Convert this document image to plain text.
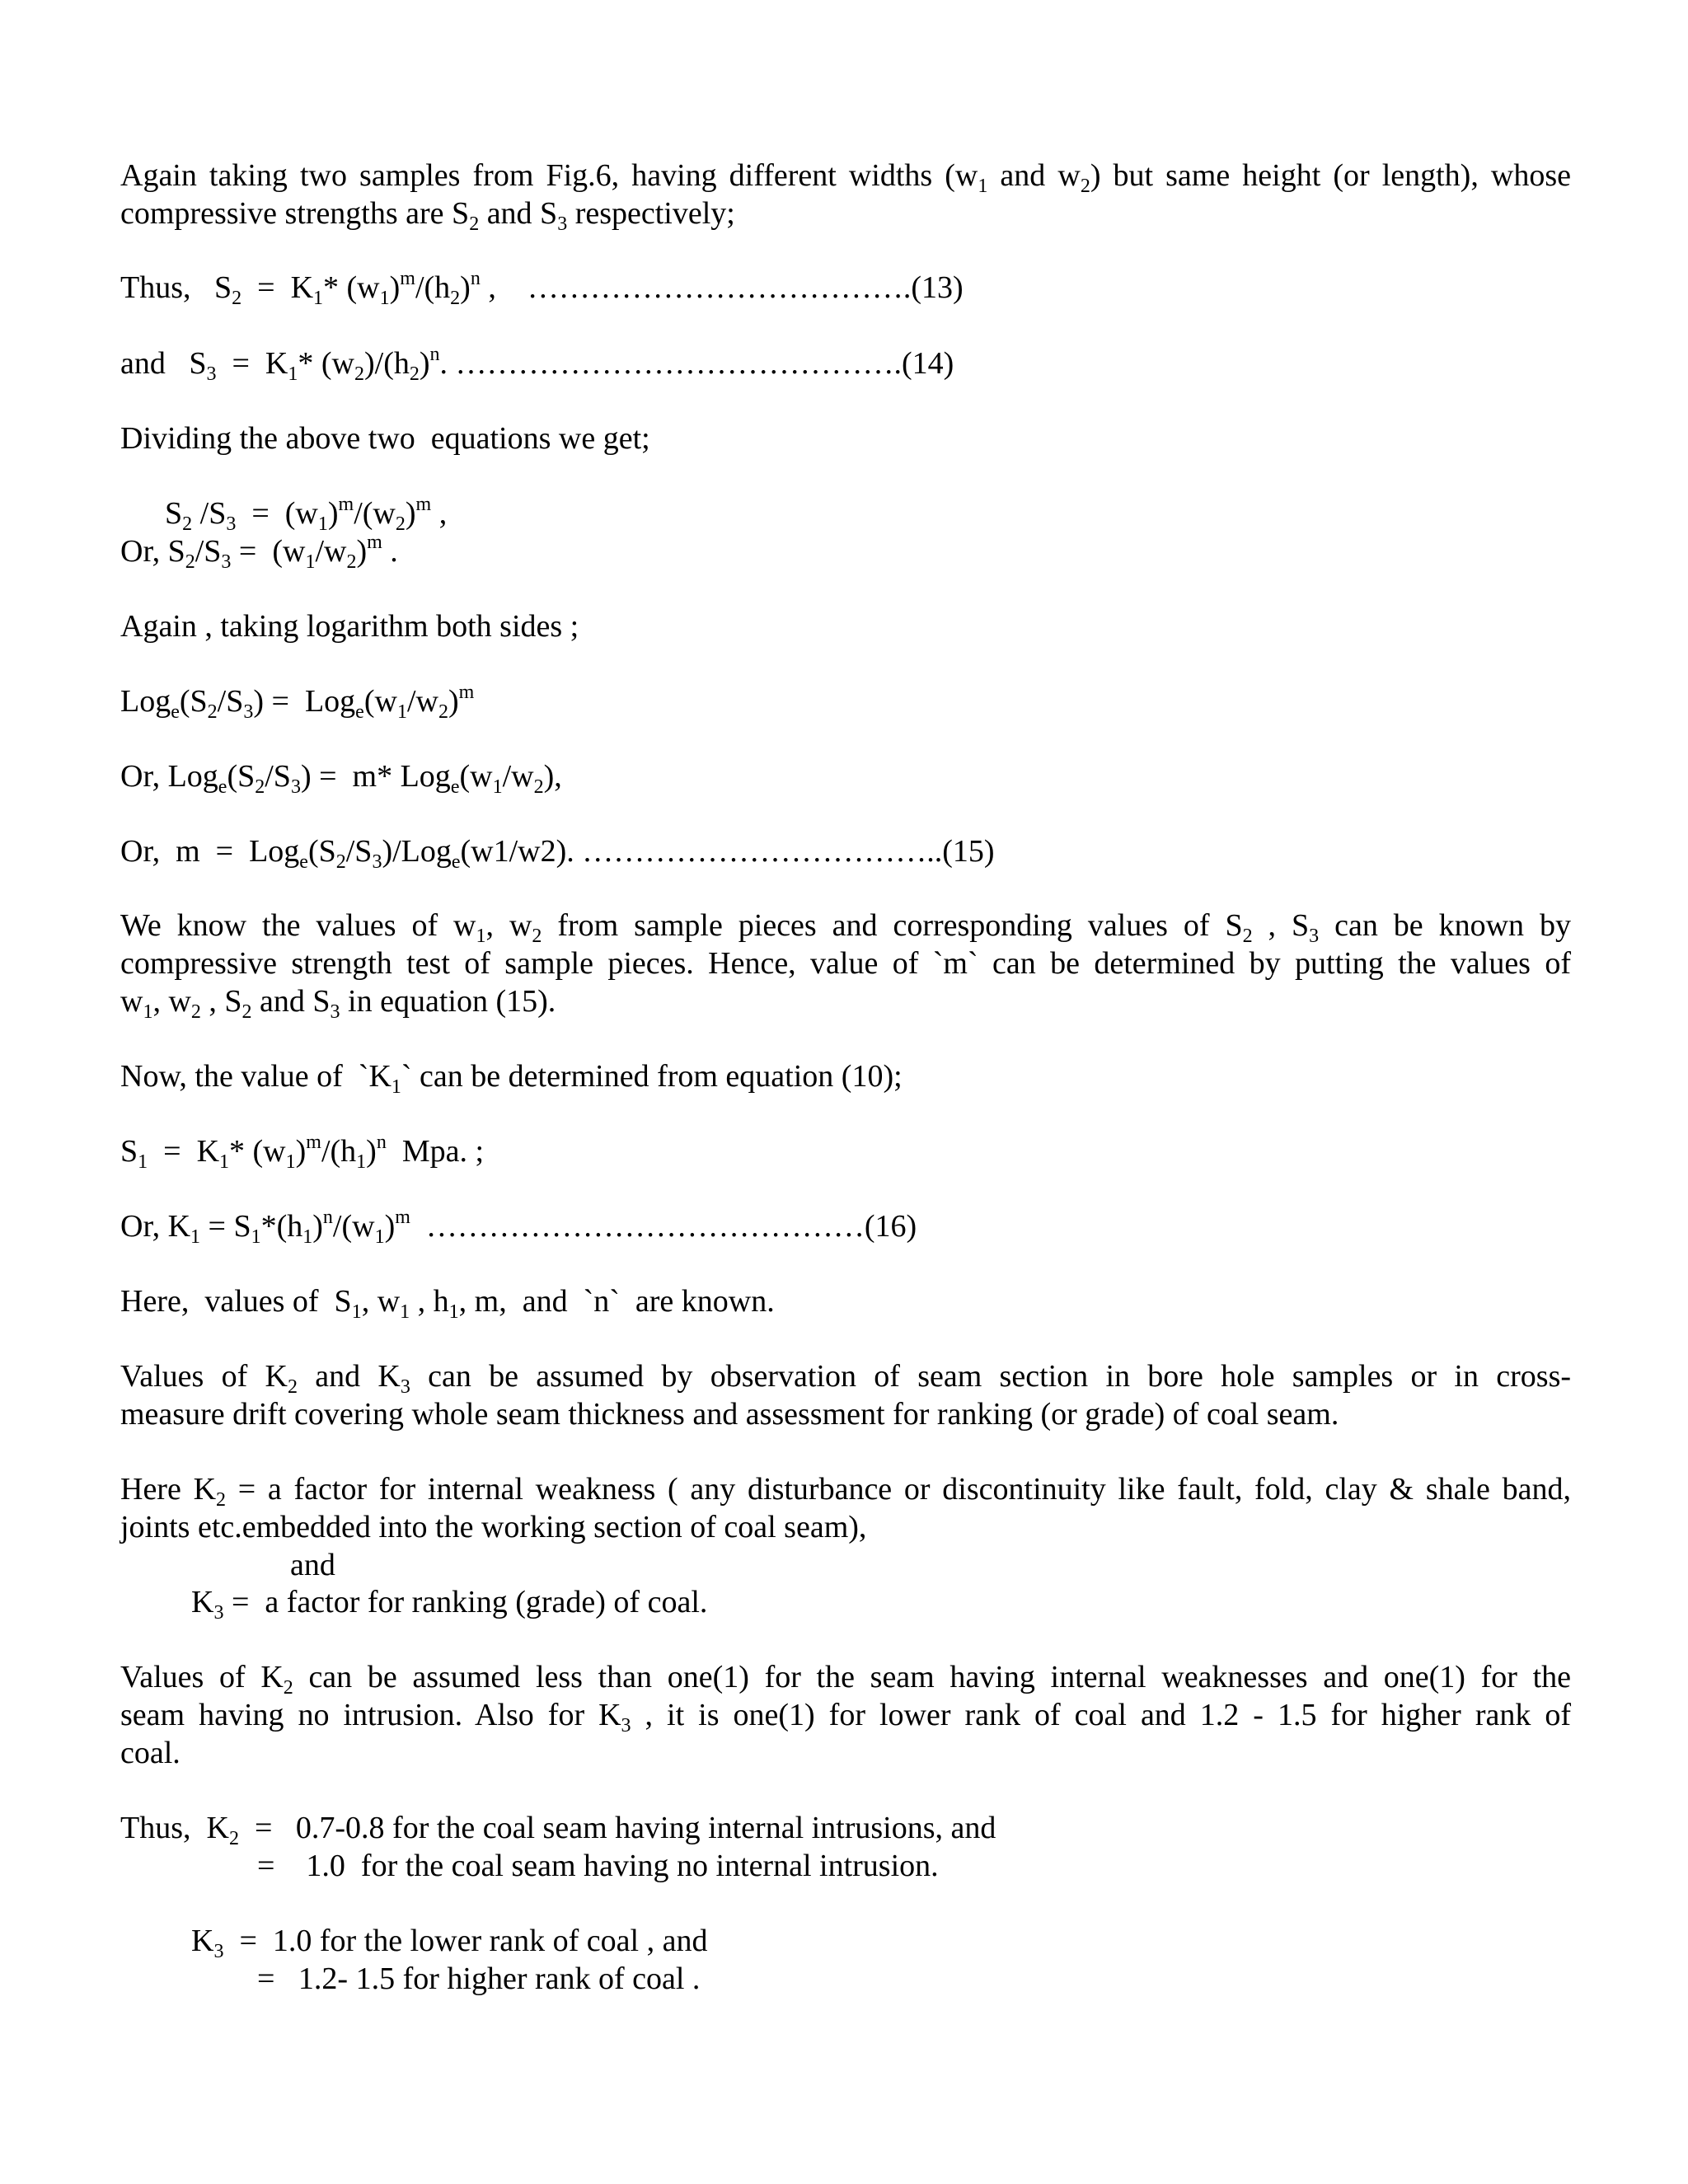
Again taking two samples from Fig.6, having different widths ($w_1$ and $w_2$) but same height (or length), whose
compressive strengths are $S_2$ and $S_3$ respectively;
Thus,   $S_2 = K_1*$ $(w_1)^m/(h_2)^n$ ,    ……………………………….(13)
and   $S_3 = K_1*$ $(w_2)/(h_2)^n$. …………………………………….(14)
Dividing the above two  equations we get;
$S_2$ $/S_3 = (w_1)^m/(w_2)^m$ ,
Or, $S_2/S_3 = (w_1/w_2)^m$ .
Again , taking logarithm both sides ;
$Log_e(S_2/S_3) = Log_e(w_1/w_2)^m$
Or, $Log_e(S_2/S_3) = m*$ $Log_e(w_1/w_2)$,
Or,  $m = Log_e(S_2/S_3)/Log_e(w1/w2)$. ……………………………..(15)
We know the values of $w_1$, $w_2$ from sample pieces and corresponding values of $S_2$ , $S_3$ can be known by
compressive strength test of sample pieces. Hence, value of `m` can be determined by putting the values of
$w_1$, $w_2$ , $S_2$ and $S_3$ in equation (15).
Now, the value of  $`K_1`$ can be determined from equation (10);
$S_1 = K_1*$ $(w_1)^m/(h_1)^n$  Mpa. ;
Or, $K_1 = S_1*(h_1)^n/(w_1)^m$  ……………………………………(16)
Here,  values of  $S_1$, $w_1$ , $h_1$, m,  and  `n`  are known.
Values of $K_2$ and $K_3$ can be assumed by observation of seam section in bore hole samples or in cross-
measure drift covering whole seam thickness and assessment for ranking (or grade) of coal seam.
Here $K_2 = a$ factor for internal weakness ( any disturbance or discontinuity like fault, fold, clay & shale band,
joints etc.embedded into the working section of coal seam),
and
$K_3 = a$ factor for ranking (grade) of coal.
Values of $K_2$ can be assumed less than one(1) for the seam having internal weaknesses and one(1) for the
seam having no intrusion. Also for $K_3$ , it is one(1) for lower rank of coal and 1.2 - 1.5 for higher rank of
coal.
Thus,  $K_2 = 0.7-0.8$ for the coal seam having internal intrusions, and
=    1.0  for the coal seam having no internal intrusion.
$K_3 = 1.0$ for the lower rank of coal , and
=   1.2- 1.5 for higher rank of coal .
